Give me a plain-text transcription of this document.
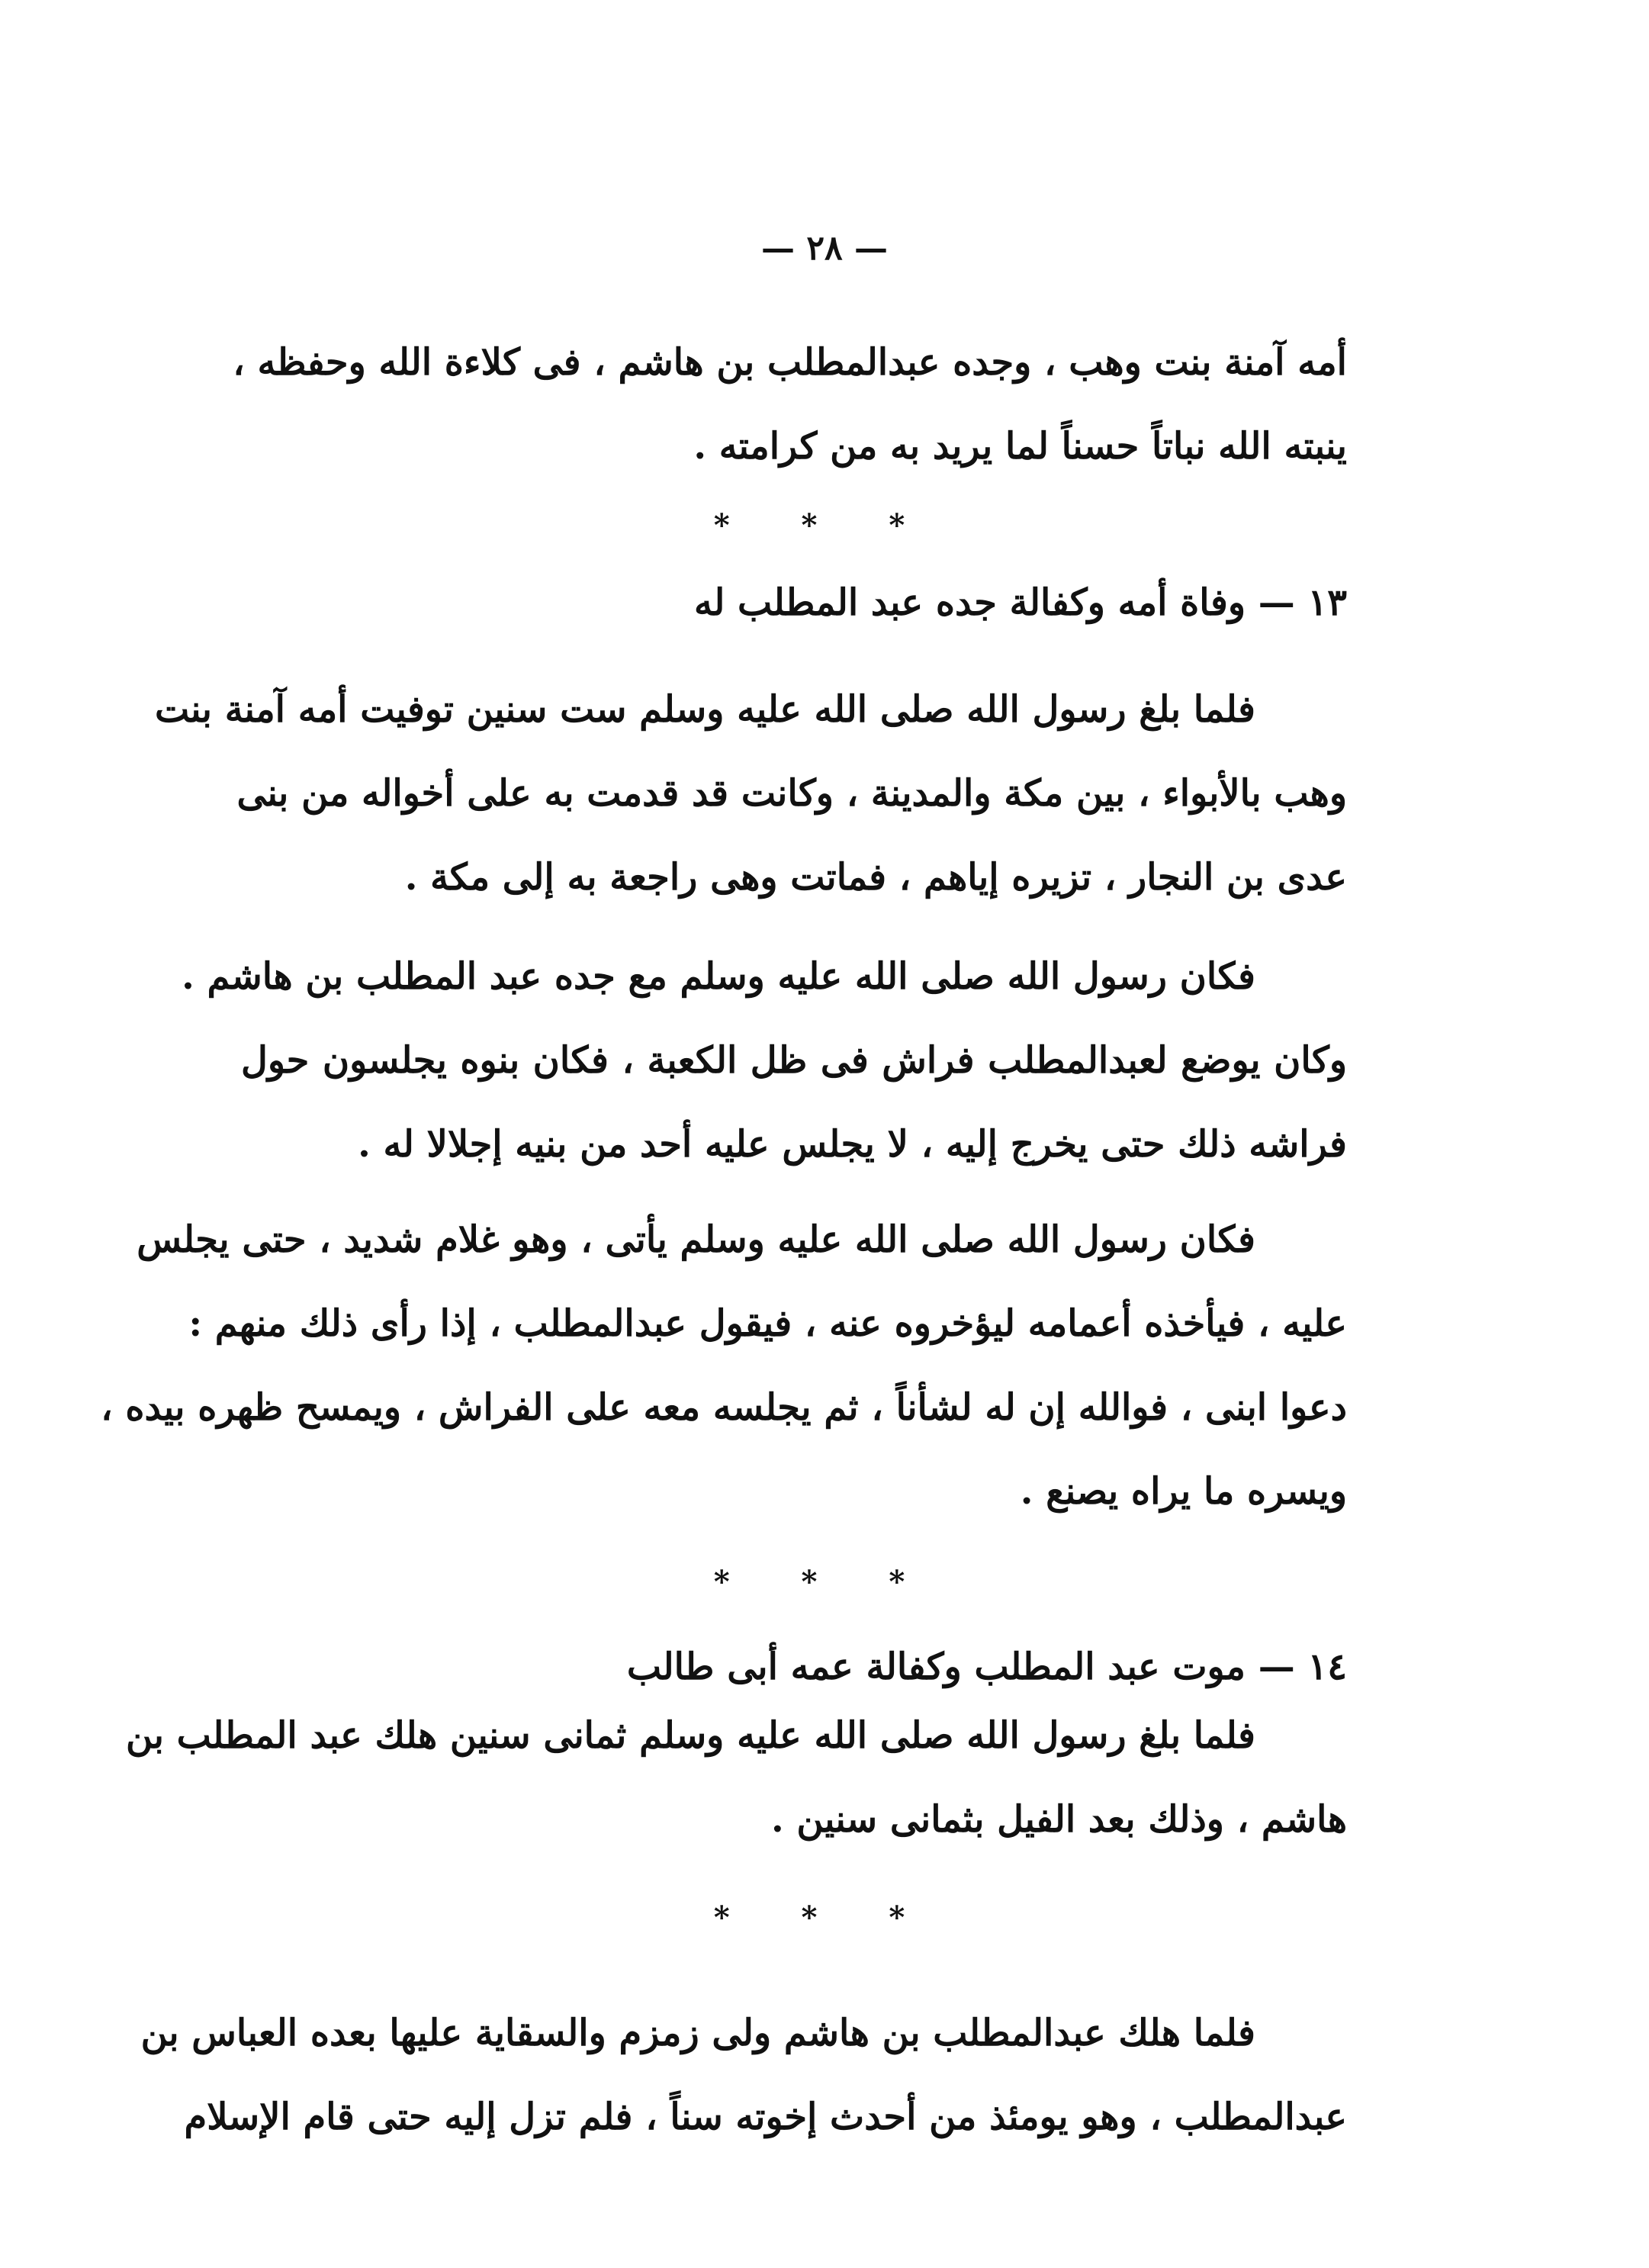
— ٢٨ —
أمه آمنة بنت وهب ، وجده عبدالمطلب بن هاشم ، فى كلاءة الله وحفظه ،
ينبته الله نباتاً حسناً لما يريد به من كرامته .
* * *
١٣ — وفاة أمه وكفالة جده عبد المطلب له
فلما بلغ رسول الله صلى الله عليه وسلم ست سنين توفيت أمه آمنة بنت
وهب بالأبواء ، بين مكة والمدينة ، وكانت قد قدمت به على أخواله من بنى
عدى بن النجار ، تزيره إياهم ، فماتت وهى راجعة به إلى مكة .
فكان رسول الله صلى الله عليه وسلم مع جده عبد المطلب بن هاشم .
وكان يوضع لعبدالمطلب فراش فى ظل الكعبة ، فكان بنوه يجلسون حول
فراشه ذلك حتى يخرج إليه ، لا يجلس عليه أحد من بنيه إجلالا له .
فكان رسول الله صلى الله عليه وسلم يأتى ، وهو غلام شديد ، حتى يجلس
عليه ، فيأخذه أعمامه ليؤخروه عنه ، فيقول عبدالمطلب ، إذا رأى ذلك منهم :
دعوا ابنى ، فوالله إن له لشأناً ، ثم يجلسه معه على الفراش ، ويمسح ظهره بيده ،
ويسره ما يراه يصنع .
* * *
١٤ — موت عبد المطلب وكفالة عمه أبى طالب
فلما بلغ رسول الله صلى الله عليه وسلم ثمانى سنين هلك عبد المطلب بن
هاشم ، وذلك بعد الفيل بثمانى سنين .
* * *
فلما هلك عبدالمطلب بن هاشم ولى زمزم والسقاية عليها بعده العباس بن
عبدالمطلب ، وهو يومئذ من أحدث إخوته سناً ، فلم تزل إليه حتى قام الإسلام
